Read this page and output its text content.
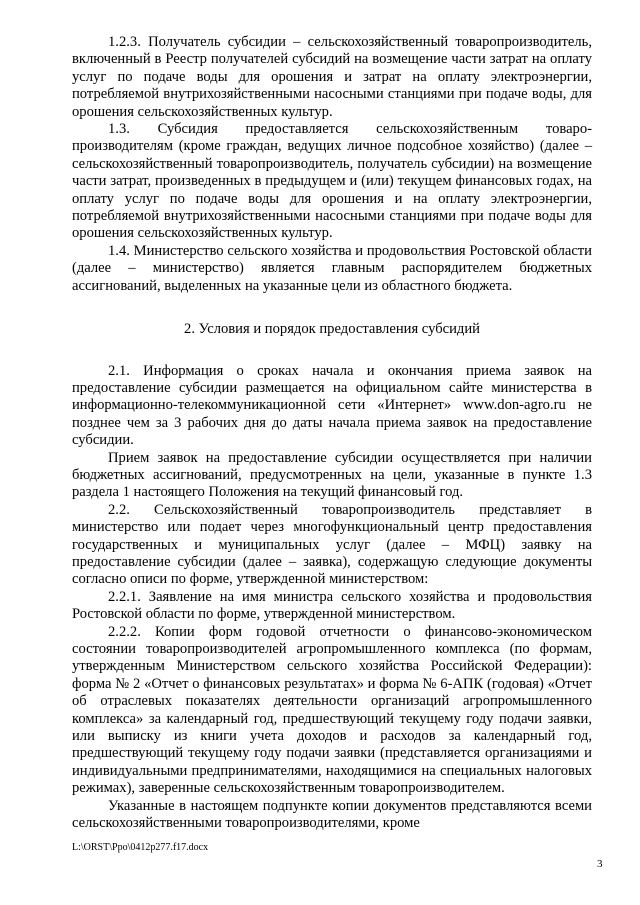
1.2.3. Получатель субсидии – сельскохозяйственный товаропроизводитель, включенный в Реестр получателей субсидий на возмещение части затрат на оплату услуг по подаче воды для орошения и затрат на оплату электроэнергии, потребляемой внутрихозяйственными насосными станциями при подаче воды, для орошения сельскохозяйственных культур.

1.3. Субсидия предоставляется сельскохозяйственным товаро-производителям (кроме граждан, ведущих личное подсобное хозяйство) (далее – сельскохозяйственный товаропроизводитель, получатель субсидии) на возмещение части затрат, произведенных в предыдущем и (или) текущем финансовых годах, на оплату услуг по подаче воды для орошения и на оплату электроэнергии, потребляемой внутрихозяйственными насосными станциями при подаче воды для орошения сельскохозяйственных культур.

1.4. Министерство сельского хозяйства и продовольствия Ростовской области (далее – министерство) является главным распорядителем бюджетных ассигнований, выделенных на указанные цели из областного бюджета.

2. Условия и порядок предоставления субсидий

2.1. Информация о сроках начала и окончания приема заявок на предоставление субсидии размещается на официальном сайте министерства в информационно-телекоммуникационной сети «Интернет» www.don-agro.ru не позднее чем за 3 рабочих дня до даты начала приема заявок на предоставление субсидии.

Прием заявок на предоставление субсидии осуществляется при наличии бюджетных ассигнований, предусмотренных на цели, указанные в пункте 1.3 раздела 1 настоящего Положения на текущий финансовый год.

2.2. Сельскохозяйственный товаропроизводитель представляет в министерство или подает через многофункциональный центр предоставления государственных и муниципальных услуг (далее – МФЦ) заявку на предоставление субсидии (далее – заявка), содержащую следующие документы согласно описи по форме, утвержденной министерством:

2.2.1. Заявление на имя министра сельского хозяйства и продовольствия Ростовской области по форме, утвержденной министерством.

2.2.2. Копии форм годовой отчетности о финансово-экономическом состоянии товаропроизводителей агропромышленного комплекса (по формам, утвержденным Министерством сельского хозяйства Российской Федерации): форма № 2 «Отчет о финансовых результатах» и форма № 6-АПК (годовая) «Отчет об отраслевых показателях деятельности организаций агропромышленного комплекса» за календарный год, предшествующий текущему году подачи заявки, или выписку из книги учета доходов и расходов за календарный год, предшествующий текущему году подачи заявки (представляется организациями и индивидуальными предпринимателями, находящимися на специальных налоговых режимах), заверенные сельскохозяйственным товаропроизводителем.

Указанные в настоящем подпункте копии документов представляются всеми сельскохозяйственными товаропроизводителями, кроме

L:\ORST\Ppo\0412p277.f17.docx
3
